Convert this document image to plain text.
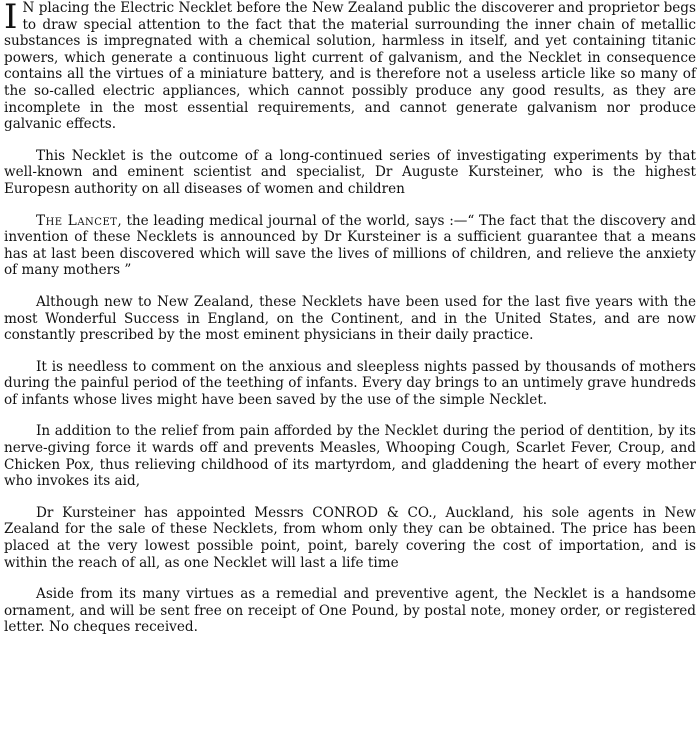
I N placing the Electric Necklet before the New Zealand public the discoverer and proprietor begs to draw special attention to the fact that the material surrounding the inner chain of metallic substances is impregnated with a chemical solution, harmless in itself, and yet containing titanic powers, which generate a continuous light current of galvanism, and the Necklet in consequence contains all the virtues of a miniature battery, and is therefore not a useless article like so many of the so-called electric appliances, which cannot possibly produce any good results, as they are incomplete in the most essential requirements, and cannot generate galvanism nor produce galvanic effects.

This Necklet is the outcome of a long-continued series of investigating experiments by that well-known and eminent scientist and specialist, Dr Auguste Kursteiner, who is the highest Europesn authority on all diseases of women and children

The Lancet, the leading medical journal of the world, says :—“ The fact that the discovery and invention of these Necklets is announced by Dr Kursteiner is a sufficient guarantee that a means has at last been discovered which will save the lives of millions of children, and relieve the anxiety of many mothers ”

Although new to New Zealand, these Necklets have been used for the last five years with the most Wonderful Success in England, on the Continent, and in the United States, and are now constantly prescribed by the most eminent physicians in their daily practice.

It is needless to comment on the anxious and sleepless nights passed by thousands of mothers during the painful period of the teething of infants. Every day brings to an untimely grave hundreds of infants whose lives might have been saved by the use of the simple Necklet.

In addition to the relief from pain afforded by the Necklet during the period of dentition, by its nerve-giving force it wards off and prevents Measles, Whooping Cough, Scarlet Fever, Croup, and Chicken Pox, thus relieving childhood of its martyrdom, and gladdening the heart of every mother who invokes its aid,

Dr Kursteiner has appointed Messrs CONROD & CO., Auckland, his sole agents in New Zealand for the sale of these Necklets, from whom only they can be obtained. The price has been placed at the very lowest possible point, point, barely covering the cost of importation, and is within the reach of all, as one Necklet will last a life time

Aside from its many virtues as a remedial and preventive agent, the Necklet is a handsome ornament, and will be sent free on receipt of One Pound, by postal note, money order, or registered letter. No cheques received.
